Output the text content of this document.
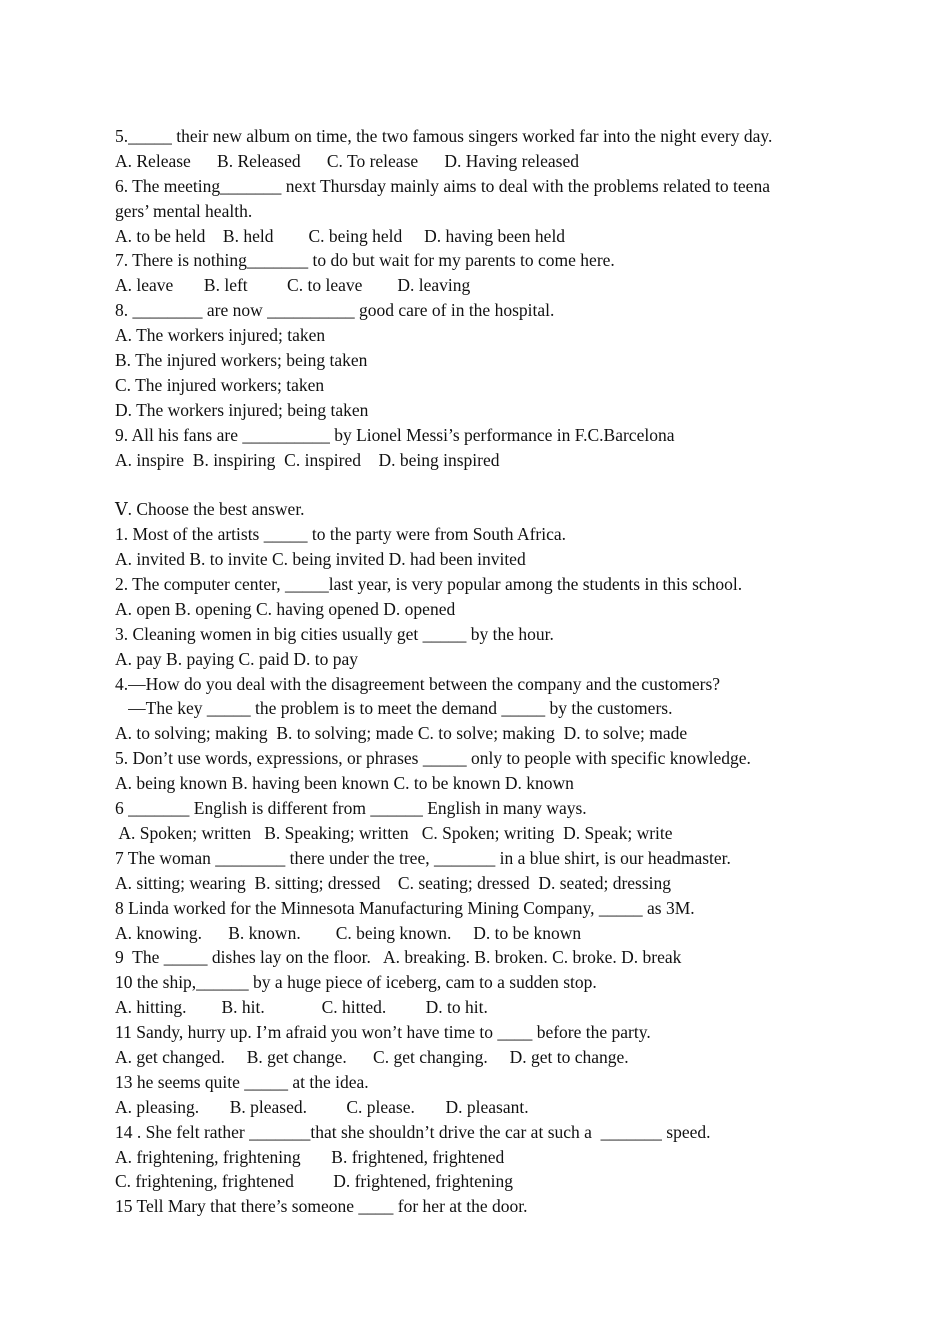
5._____ their new album on time, the two famous singers worked far into the night every day.
A. Release      B. Released      C. To release      D. Having released
6. The meeting_______ next Thursday mainly aims to deal with the problems related to teena
gers’ mental health.
A. to be held    B. held        C. being held     D. having been held
7. There is nothing_______ to do but wait for my parents to come here.
A. leave       B. left         C. to leave        D. leaving
8. ________ are now __________ good care of in the hospital.
A. The workers injured; taken
B. The injured workers; being taken
C. The injured workers; taken
D. The workers injured; being taken
9. All his fans are __________ by Lionel Messi’s performance in F.C.Barcelona
A. inspire  B. inspiring  C. inspired    D. being inspired
Ⅴ. Choose the best answer.
1. Most of the artists _____ to the party were from South Africa.
A. invited B. to invite C. being invited D. had been invited
2. The computer center, _____last year, is very popular among the students in this school.
A. open B. opening C. having opened D. opened
3. Cleaning women in big cities usually get _____ by the hour.
A. pay B. paying C. paid D. to pay
4.—How do you deal with the disagreement between the company and the customers?
—The key _____ the problem is to meet the demand _____ by the customers.
A. to solving; making  B. to solving; made C. to solve; making  D. to solve; made
5. Don’t use words, expressions, or phrases _____ only to people with specific knowledge.
A. being known B. having been known C. to be known D. known
6 _______ English is different from ______ English in many ways.
A. Spoken; written   B. Speaking; written   C. Spoken; writing  D. Speak; write
7 The woman ________ there under the tree, _______ in a blue shirt, is our headmaster.
A. sitting; wearing  B. sitting; dressed    C. seating; dressed  D. seated; dressing
8 Linda worked for the Minnesota Manufacturing Mining Company, _____ as 3M.
A. knowing.      B. known.        C. being known.     D. to be known
9  The _____ dishes lay on the floor.   A. breaking. B. broken. C. broke. D. break
10 the ship,______ by a huge piece of iceberg, cam to a sudden stop.
A. hitting.        B. hit.             C. hitted.         D. to hit.
11 Sandy, hurry up. I’m afraid you won’t have time to ____ before the party.
A. get changed.     B. get change.      C. get changing.     D. get to change.
13 he seems quite _____ at the idea.
A. pleasing.       B. pleased.         C. please.       D. pleasant.
14 . She felt rather _______that she shouldn’t drive the car at such a  _______ speed.
A. frightening, frightening       B. frightened, frightened
C. frightening, frightened         D. frightened, frightening
15 Tell Mary that there’s someone ____ for her at the door.
